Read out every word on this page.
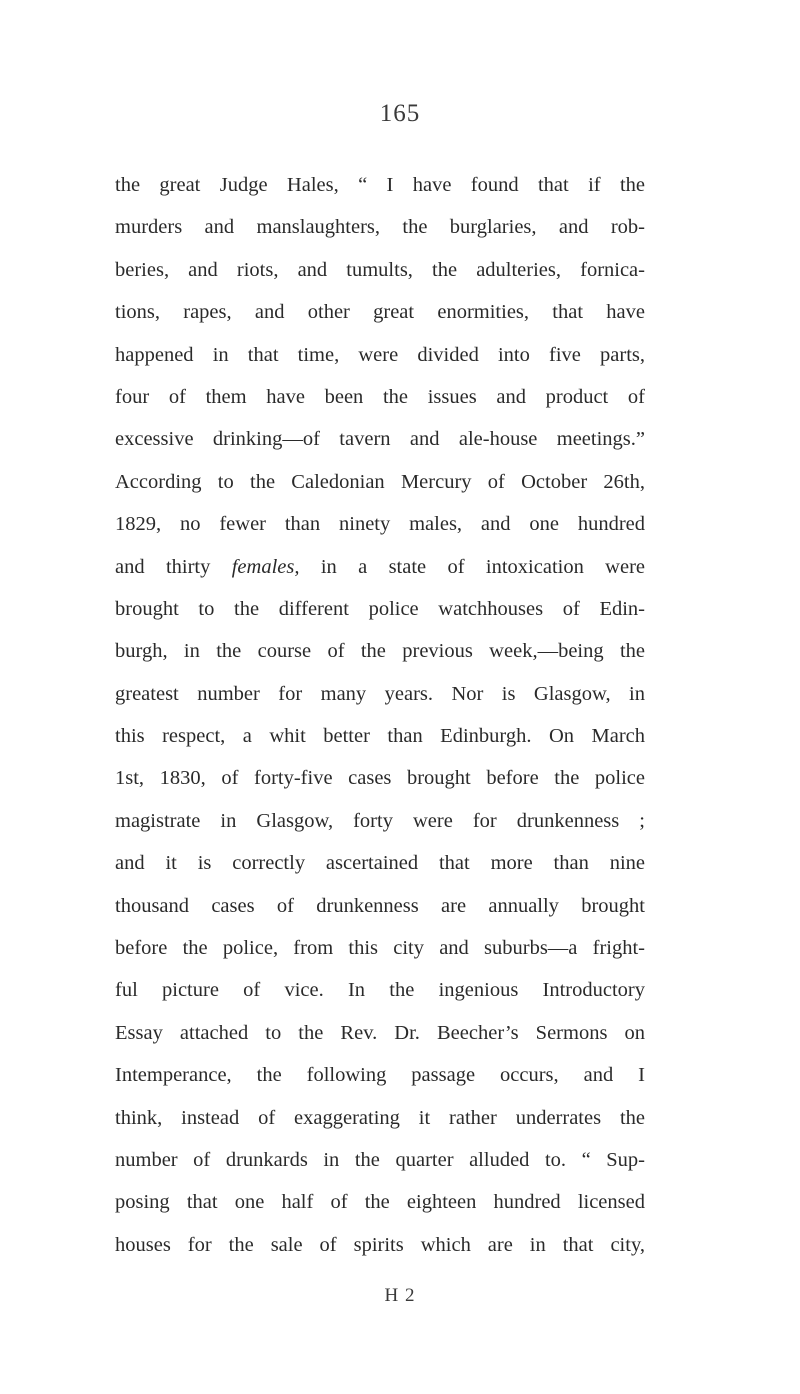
165
the great Judge Hales, “ I have found that if the
murders and manslaughters, the burglaries, and rob-
beries, and riots, and tumults, the adulteries, fornica-
tions, rapes, and other great enormities, that have
happened in that time, were divided into five parts,
four of them have been the issues and product of
excessive drinking—of tavern and ale-house meetings.”
According to the Caledonian Mercury of October 26th,
1829, no fewer than ninety males, and one hundred
and thirty females, in a state of intoxication were
brought to the different police watchhouses of Edin-
burgh, in the course of the previous week,—being the
greatest number for many years. Nor is Glasgow, in
this respect, a whit better than Edinburgh. On March
1st, 1830, of forty-five cases brought before the police
magistrate in Glasgow, forty were for drunkenness ;
and it is correctly ascertained that more than nine
thousand cases of drunkenness are annually brought
before the police, from this city and suburbs—a fright-
ful picture of vice. In the ingenious Introductory
Essay attached to the Rev. Dr. Beecher’s Sermons on
Intemperance, the following passage occurs, and I
think, instead of exaggerating it rather underrates the
number of drunkards in the quarter alluded to. “ Sup-
posing that one half of the eighteen hundred licensed
houses for the sale of spirits which are in that city,
H 2
